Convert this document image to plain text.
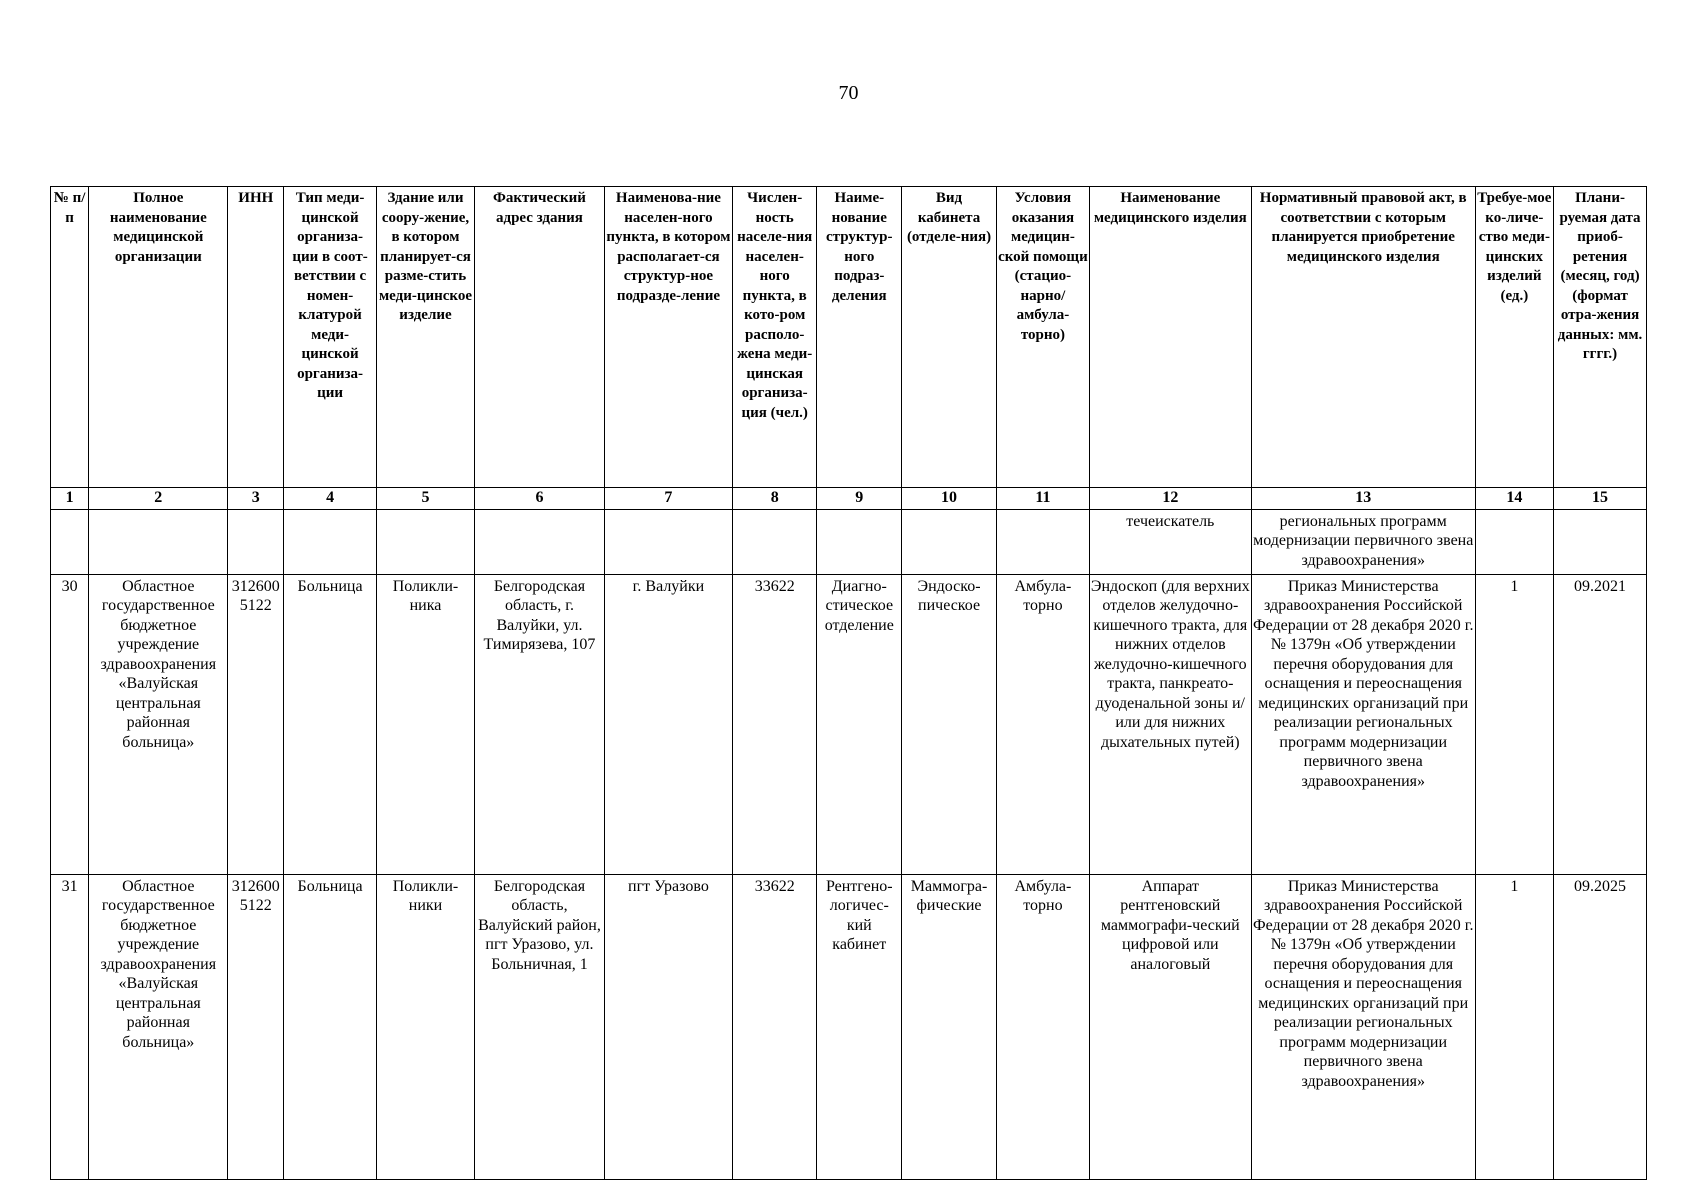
70
№ п/п	Полное наименование медицинской организации	ИНН	Тип меди-цинской организа-ции в соот-ветствии с номен-клатурой меди-цинской организа-ции	Здание или соору-жение, в котором планирует-ся разме-стить меди-цинское изделие	Фактический адрес здания	Наименова-ние населен-ного пункта, в котором располагает-ся структур-ное подразде-ление	Числен-ность населе-ния населен-ного пункта, в кото-ром располо-жена меди-цинская организа-ция (чел.)	Наиме-нование структур-ного подраз-деления	Вид кабинета (отделе-ния)	Условия оказания медицин-ской помощи (стацио-нарно/ амбула-торно)	Наименование медицинского изделия	Нормативный правовой акт, в соответствии с которым планируется приобретение медицинского изделия	Требуе-мое ко-личе-ство меди-цинских изделий (ед.)	Плани-руемая дата приоб-ретения (месяц, год) (формат отра-жения данных: мм. гггг.)
1	2	3	4	5	6	7	8	9	10	11	12	13	14	15
											течеискатель	региональных программ модернизации первичного звена здравоохранения»		
30	Областное государственное бюджетное учреждение здравоохранения «Валуйская центральная районная больница»	3126005122	Больница	Поликли-ника	Белгородская область, г. Валуйки, ул. Тимирязева, 107	г. Валуйки	33622	Диагно-стическое отделение	Эндоско-пическое	Амбула-торно	Эндоскоп (для верхних отделов желудочно-кишечного тракта, для нижних отделов желудочно-кишечного тракта, панкреато-дуоденальной зоны и/или для нижних дыхательных путей)	Приказ Министерства здравоохранения Российской Федерации от 28 декабря 2020 г. № 1379н «Об утверждении перечня оборудования для оснащения и переоснащения медицинских организаций при реализации региональных программ модернизации первичного звена здравоохранения»	1	09.2021
31	Областное государственное бюджетное учреждение здравоохранения «Валуйская центральная районная больница»	3126005122	Больница	Поликли-ники	Белгородская область, Валуйский район, пгт Уразово, ул. Больничная, 1	пгт Уразово	33622	Рентгено-логичес-кий кабинет	Маммогра-фические	Амбула-торно	Аппарат рентгеновский маммографи-ческий цифровой или аналоговый	Приказ Министерства здравоохранения Российской Федерации от 28 декабря 2020 г. № 1379н «Об утверждении перечня оборудования для оснащения и переоснащения медицинских организаций при реализации региональных программ модернизации первичного звена здравоохранения»	1	09.2025
